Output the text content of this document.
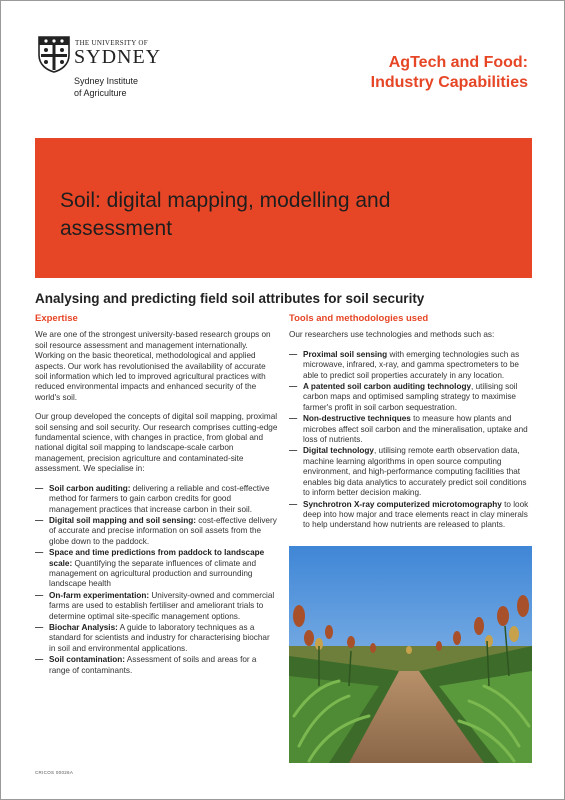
THE UNIVERSITY OF
SYDNEY
Sydney Institute
of Agriculture
AgTech and Food:
Industry Capabilities
Soil: digital mapping, modelling and assessment
Analysing and predicting field soil attributes for soil security
Expertise

We are one of the strongest university-based research groups on soil resource assessment and management internationally. Working on the basic theoretical, methodological and applied aspects. Our work has revolutionised the availability of accurate soil information which led to improved agricultural practices with reduced environmental impacts and enhanced security of the world's soil.

Our group developed the concepts of digital soil mapping, proximal soil sensing and soil security. Our research comprises cutting-edge fundamental science, with changes in practice, from global and national digital soil mapping to landscape-scale carbon management, precision agriculture and contaminated-site assessment. We specialise in:

— Soil carbon auditing: delivering a reliable and cost-effective method for farmers to gain carbon credits for good management practices that increase carbon in their soil.
— Digital soil mapping and soil sensing: cost-effective delivery of accurate and precise information on soil assets from the globe down to the paddock.
— Space and time predictions from paddock to landscape scale: Quantifying the separate influences of climate and management on agricultural production and surrounding landscape health
— On-farm experimentation: University-owned and commercial farms are used to establish fertiliser and ameliorant trials to determine optimal site-specific management options.
— Biochar Analysis: A guide to laboratory techniques as a standard for scientists and industry for characterising biochar in soil and environmental applications.
— Soil contamination: Assessment of soils and areas for a range of contaminants.
Tools and methodologies used

Our researchers use technologies and methods such as:

— Proximal soil sensing with emerging technologies such as microwave, infrared, x-ray, and gamma spectrometers to be able to predict soil properties accurately in any location.
— A patented soil carbon auditing technology, utilising soil carbon maps and optimised sampling strategy to maximise farmer's profit in soil carbon sequestration.
— Non-destructive techniques to measure how plants and microbes affect soil carbon and the mineralisation, uptake and loss of nutrients.
— Digital technology, utilising remote earth observation data, machine learning algorithms in open source computing environment, and high-performance computing facilities that enables big data analytics to accurately predict soil conditions to inform better decision making.
— Synchrotron X-ray computerized microtomography to look deep into how major and trace elements react in clay minerals to help understand how nutrients are released to plants.
CRICOS 00026A
